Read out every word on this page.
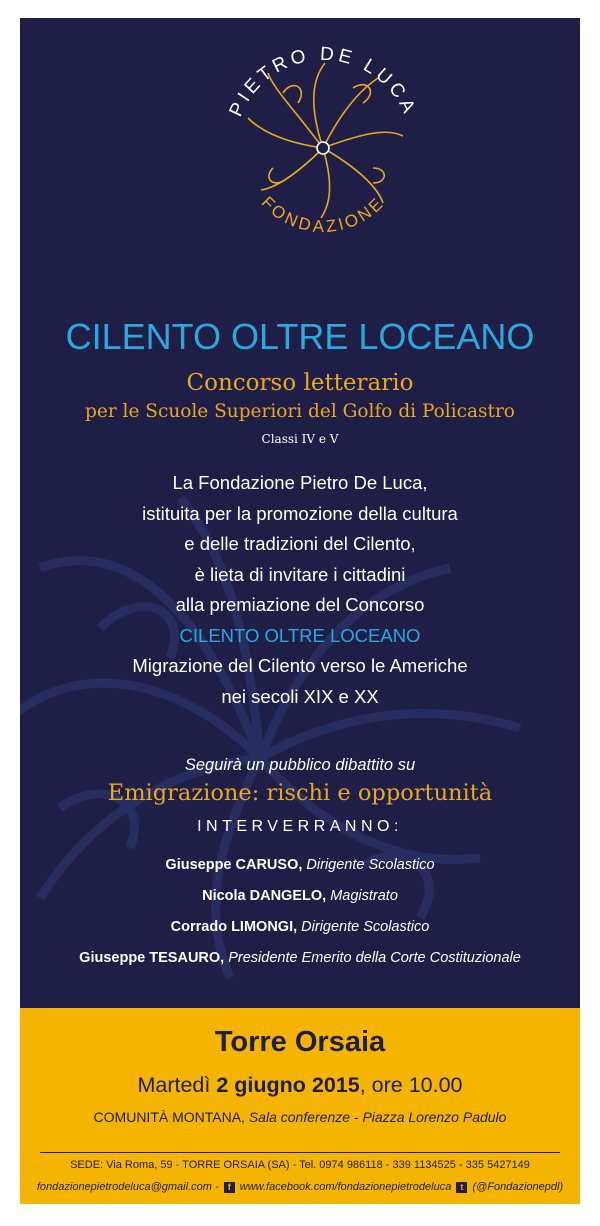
PIETRO DE LUCA
FONDAZIONE
CILENTO OLTRE LOCEANO
Concorso letterario
per le Scuole Superiori del Golfo di Policastro
Classi IV e V
La Fondazione Pietro De Luca,
istituita per la promozione della cultura
e delle tradizioni del Cilento,
è lieta di invitare i cittadini
alla premiazione del Concorso
CILENTO OLTRE LOCEANO
Migrazione del Cilento verso le Americhe
nei secoli XIX e XX
Seguirà un pubblico dibattito su
Emigrazione: rischi e opportunità
INTERVERRANNO:
Giuseppe CARUSO, Dirigente Scolastico
Nicola DANGELO, Magistrato
Corrado LIMONGI, Dirigente Scolastico
Giuseppe TESAURO, Presidente Emerito della Corte Costituzionale
Torre Orsaia
Martedì 2 giugno 2015, ore 10.00
COMUNITÀ MONTANA, Sala conferenze - Piazza Lorenzo Padulo
SEDE: Via Roma, 59 - TORRE ORSAIA (SA) - Tel. 0974 986118 - 339 1134525 - 335 5427149
fondazionepietrodeluca@gmail.com - f www.facebook.com/fondazionepietrodeluca t (@Fondazionepdl)
